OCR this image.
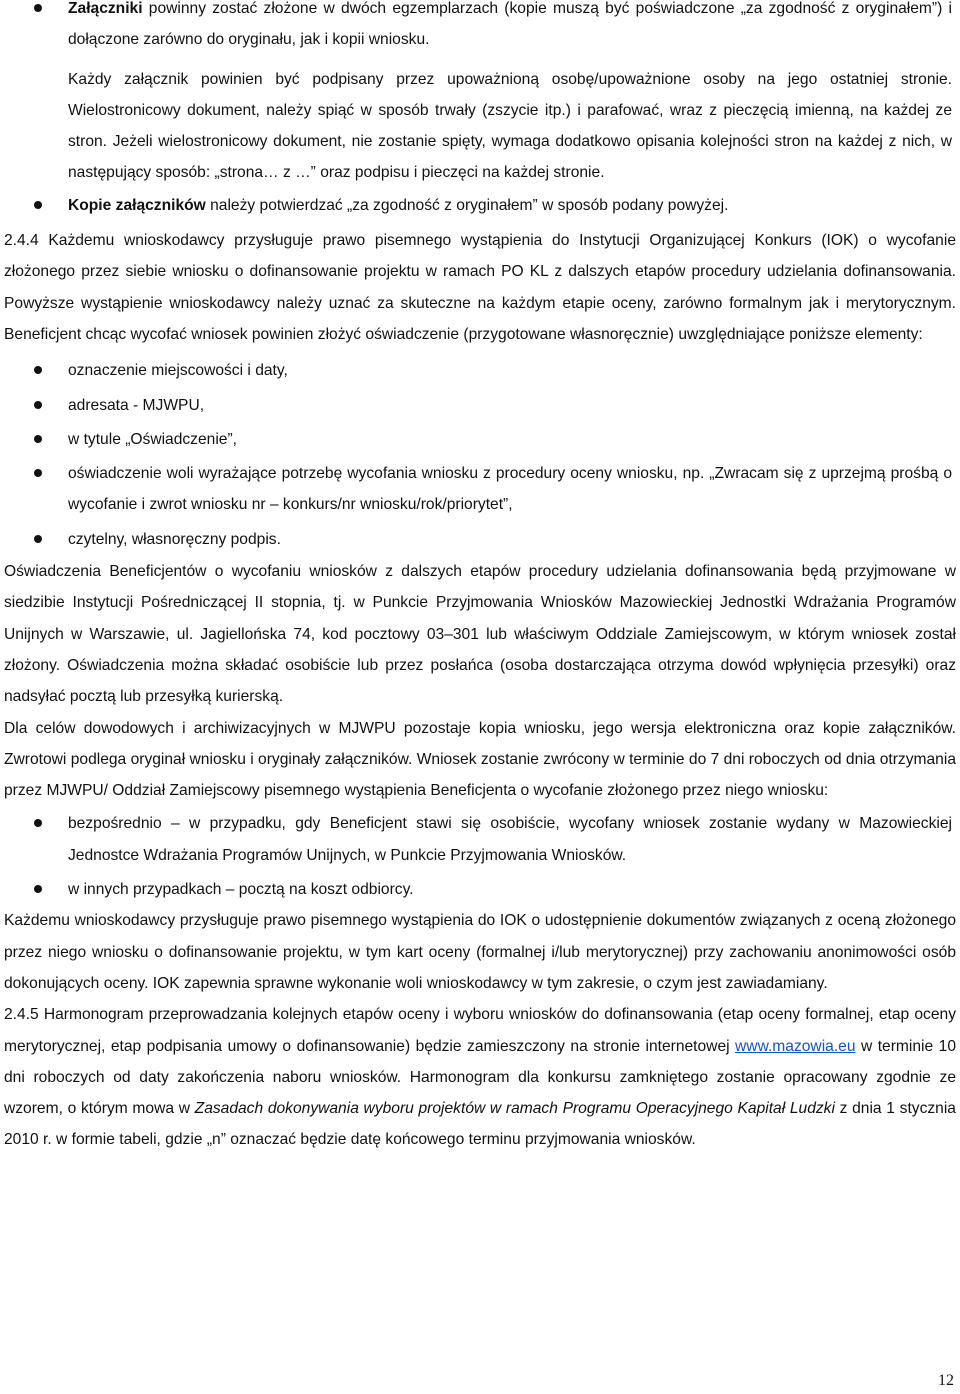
Załączniki powinny zostać złożone w dwóch egzemplarzach (kopie muszą być poświadczone „za zgodność z oryginałem”) i dołączone zarówno do oryginału, jak i kopii wniosku.

Każdy załącznik powinien być podpisany przez upoważnioną osobę/upoważnione osoby na jego ostatniej stronie. Wielostronicowy dokument, należy spiąć w sposób trwały (zszycie itp.) i parafować, wraz z pieczęcią imienną, na każdej ze stron. Jeżeli wielostronicowy dokument, nie zostanie spięty, wymaga dodatkowo opisania kolejności stron na każdej z nich, w następujący sposób: „strona… z …” oraz podpisu i pieczęci na każdej stronie.

Kopie załączników należy potwierdzać „za zgodność z oryginałem” w sposób podany powyżej.

2.4.4 Każdemu wnioskodawcy przysługuje prawo pisemnego wystąpienia do Instytucji Organizującej Konkurs (IOK) o wycofanie złożonego przez siebie wniosku o dofinansowanie projektu w ramach PO KL z dalszych etapów procedury udzielania dofinansowania. Powyższe wystąpienie wnioskodawcy należy uznać za skuteczne na każdym etapie oceny, zarówno formalnym jak i merytorycznym. Beneficjent chcąc wycofać wniosek powinien złożyć oświadczenie (przygotowane własnoręcznie) uwzględniające poniższe elementy:

oznaczenie miejscowości i daty,

adresata - MJWPU,

w tytule „Oświadczenie”,

oświadczenie woli wyrażające potrzebę wycofania wniosku z procedury oceny wniosku, np. „Zwracam się z uprzejmą prośbą o wycofanie i zwrot wniosku nr – konkurs/nr wniosku/rok/priorytet”,

czytelny, własnoręczny podpis.

Oświadczenia Beneficjentów o wycofaniu wniosków z dalszych etapów procedury udzielania dofinansowania będą przyjmowane w siedzibie Instytucji Pośredniczącej II stopnia, tj. w Punkcie Przyjmowania Wniosków Mazowieckiej Jednostki Wdrażania Programów Unijnych w Warszawie, ul. Jagiellońska 74, kod pocztowy 03–301 lub właściwym Oddziale Zamiejscowym, w którym wniosek został złożony. Oświadczenia można składać osobiście lub przez posłańca (osoba dostarczająca otrzyma dowód wpłynięcia przesyłki) oraz nadsyłać pocztą lub przesyłką kurierską.

Dla celów dowodowych i archiwizacyjnych w MJWPU pozostaje kopia wniosku, jego wersja elektroniczna oraz kopie załączników. Zwrotowi podlega oryginał wniosku i oryginały załączników. Wniosek zostanie zwrócony w terminie do 7 dni roboczych od dnia otrzymania przez MJWPU/ Oddział Zamiejscowy pisemnego wystąpienia Beneficjenta o wycofanie złożonego przez niego wniosku:

bezpośrednio – w przypadku, gdy Beneficjent stawi się osobiście, wycofany wniosek zostanie wydany w Mazowieckiej Jednostce Wdrażania Programów Unijnych, w Punkcie Przyjmowania Wniosków.

w innych przypadkach – pocztą na koszt odbiorcy.

Każdemu wnioskodawcy przysługuje prawo pisemnego wystąpienia do IOK o udostępnienie dokumentów związanych z oceną złożonego przez niego wniosku o dofinansowanie projektu, w tym kart oceny (formalnej i/lub merytorycznej) przy zachowaniu anonimowości osób dokonujących oceny. IOK zapewnia sprawne wykonanie woli wnioskodawcy w tym zakresie, o czym jest zawiadamiany.

2.4.5 Harmonogram przeprowadzania kolejnych etapów oceny i wyboru wniosków do dofinansowania (etap oceny formalnej, etap oceny merytorycznej, etap podpisania umowy o dofinansowanie) będzie zamieszczony na stronie internetowej www.mazowia.eu w terminie 10 dni roboczych od daty zakończenia naboru wniosków. Harmonogram dla konkursu zamkniętego zostanie opracowany zgodnie ze wzorem, o którym mowa w Zasadach dokonywania wyboru projektów w ramach Programu Operacyjnego Kapitał Ludzki z dnia 1 stycznia 2010 r. w formie tabeli, gdzie „n” oznaczać będzie datę końcowego terminu przyjmowania wniosków.

12
